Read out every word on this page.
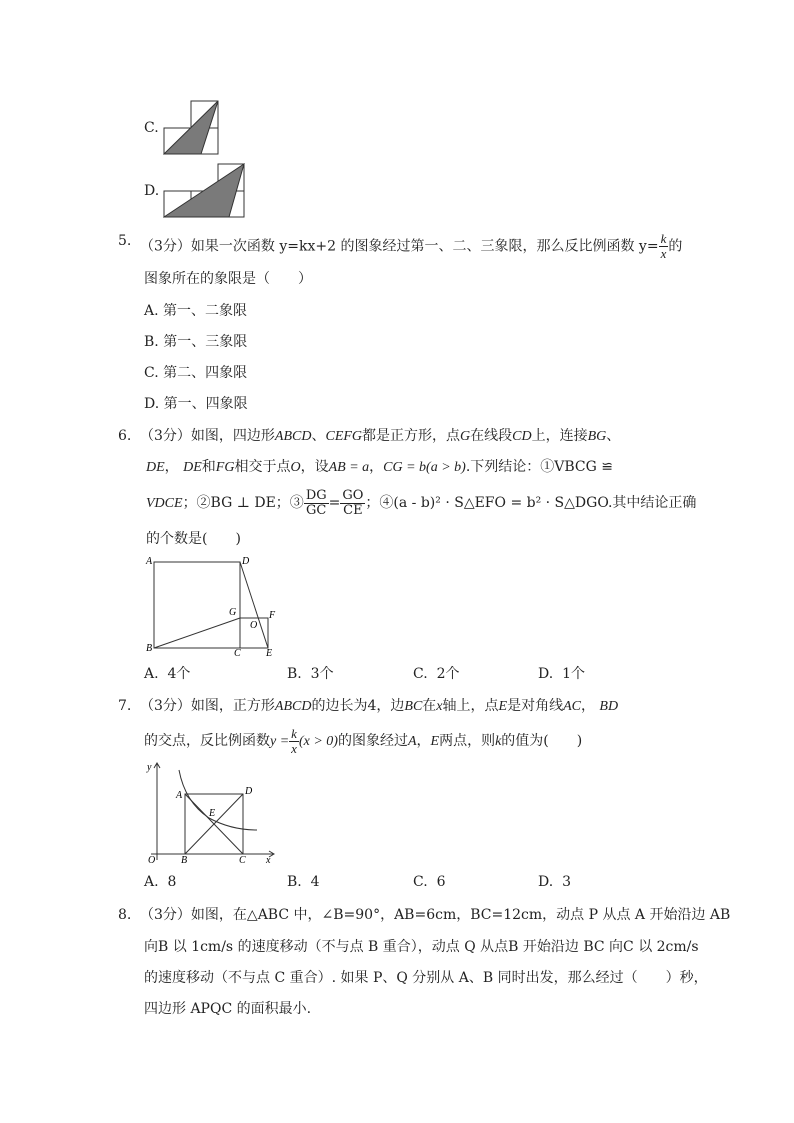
C.
D.
5. （3分）如果一次函数 y=kx+2 的图象经过第一、二、三象限，那么反比例函数 $y= \frac{k}{x}$ 的
图象所在的象限是（　　）
A. 第一、二象限
B. 第一、三象限
C. 第二、四象限
D. 第一、四象限
6. （3分）如图，四边形ABCD、CEFG都是正方形，点G在线段CD上，连接BG、
DE， DE和FG相交于点O，设AB = a，CG = b(a > b).下列结论：①VBCG ≌
VDCE；②BG ⊥ DE；③ $\frac{DG}{GC} = \frac{GO}{CE}$ ；④(a - b)² · S△EFO = b² · S△DGO.其中结论正确
的个数是(　　)
A	D
G	F
O
B	C	E
A. 4个	B. 3个	C. 2个	D. 1个
7. （3分）如图，正方形ABCD的边长为4，边BC在x轴上，点E是对角线AC， BD
的交点，反比例函数$y = \frac{k}{x} (x > 0)$的图象经过A，E两点，则k的值为(　　)
y
A	D
E
O	B	C x
A. 8	B. 4	C. 6	D. 3
8. （3分）如图，在△ABC 中，∠B=90°，AB=6cm，BC=12cm，动点 P 从点 A 开始沿边 AB
向B 以 1cm/s 的速度移动（不与点 B 重合），动点 Q 从点B 开始沿边 BC 向C 以 2cm/s
的速度移动（不与点 C 重合）. 如果 P、Q 分别从 A、B 同时出发，那么经过（　　）秒，
四边形 APQC 的面积最小.
